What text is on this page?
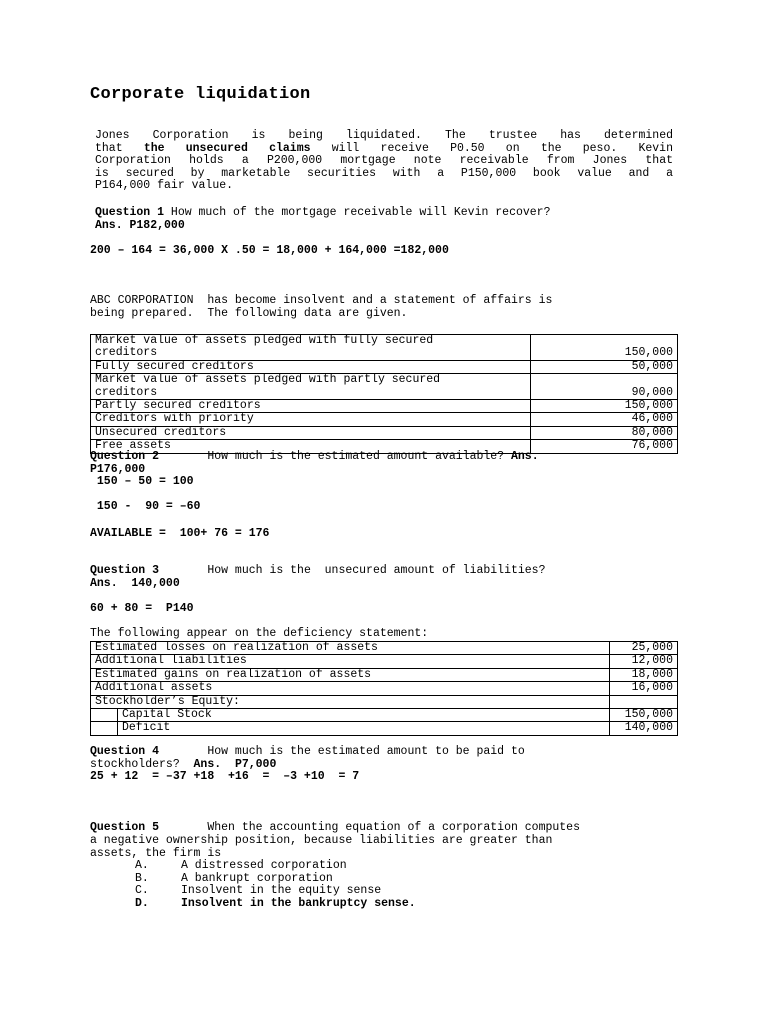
Corporate liquidation
Jones Corporation is being liquidated. The trustee has determined
that the unsecured claims will receive P0.50 on the peso. Kevin
Corporation holds a P200,000 mortgage note receivable from Jones that
is secured by marketable securities with a P150,000 book value and a
P164,000 fair value.
Question 1 How much of the mortgage receivable will Kevin recover?
Ans. P182,000
200 – 164 = 36,000 X .50 = 18,000 + 164,000 =182,000
ABC CORPORATION  has become insolvent and a statement of affairs is
being prepared.  The following data are given.
Market value of assets pledged with fully secured
creditors	150,000
Fully secured creditors	50,000
Market value of assets pledged with partly secured
creditors	90,000
Partly secured creditors	150,000
Creditors with priority	46,000
Unsecured creditors	80,000
Free assets	76,000
Question 2	How much is the estimated amount available? Ans.
P176,000
150 – 50 = 100
150 -  90 = –60
AVAILABLE =  100+ 76 = 176
Question 3	How much is the  unsecured amount of liabilities?
Ans.  140,000
60 + 80 =  P140
The following appear on the deficiency statement:
Estimated losses on realization of assets		25,000
Additional liabilities		12,000
Estimated gains on realization of assets		18,000
Additional assets		16,000
Stockholder’s Equity:		
	Capital Stock	150,000
	Deficit	140,000
Question 4	How much is the estimated amount to be paid to
stockholders?  Ans.  P7,000
25 + 12  = –37 +18  +16  =  –3 +10  = 7
Question 5	When the accounting equation of a corporation computes
a negative ownership position, because liabilities are greater than
assets, the firm is
A.	A distressed corporation
B.	A bankrupt corporation
C.	Insolvent in the equity sense
D.	Insolvent in the bankruptcy sense.
